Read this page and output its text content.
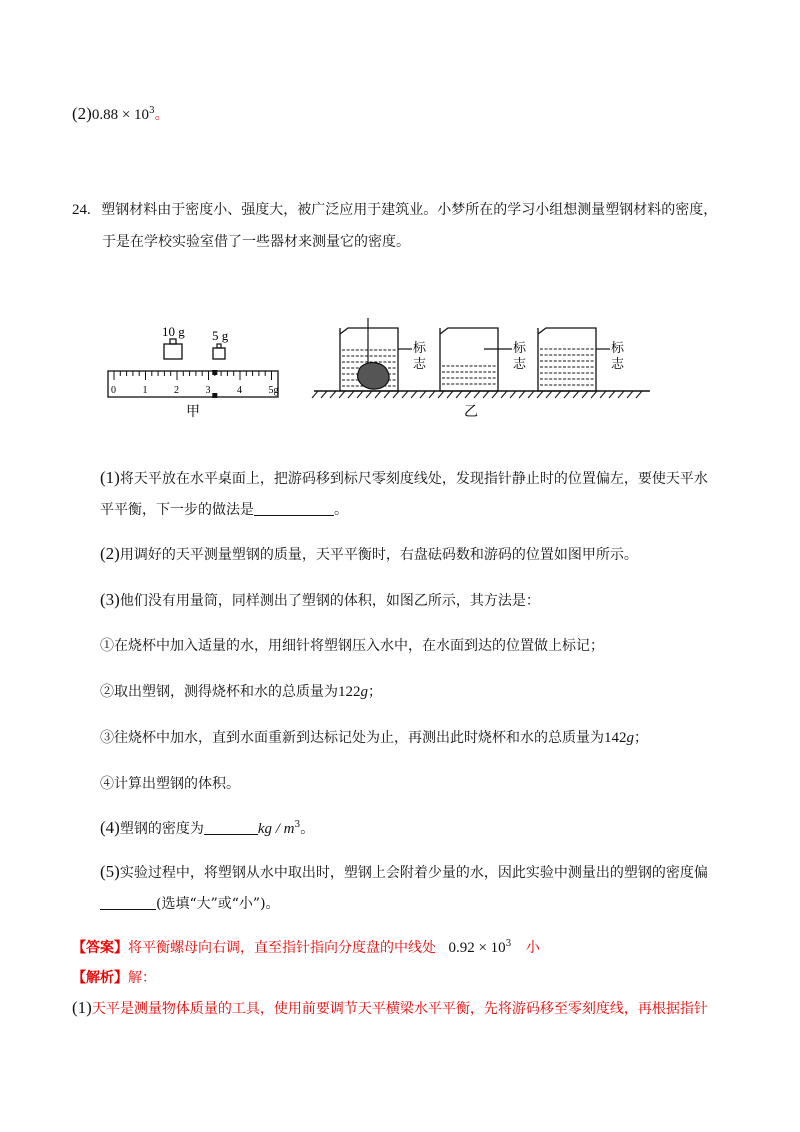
$(2)0.88 \times 10^3$。
24. 塑钢材料由于密度小、强度大，被广泛应用于建筑业。小梦所在的学习小组想测量塑钢材料的密度，
于是在学校实验室借了一些器材来测量它的密度。
10 g 5 g
0	1	2	3	4	5g
甲
标
志
标
志
标
志
乙
(1)将天平放在水平桌面上，把游码移到标尺零刻度线处，发现指针静止时的位置偏左，要使天平水
平平衡，下一步的做法是	。
(2)用调好的天平测量塑钢的质量，天平平衡时，右盘砝码数和游码的位置如图甲所示。
(3)他们没有用量筒，同样测出了塑钢的体积，如图乙所示，其方法是：
①在烧杯中加入适量的水，用细针将塑钢压入水中，在水面到达的位置做上标记；
②取出塑钢，测得烧杯和水的总质量为122g；
③往烧杯中加水，直到水面重新到达标记处为止，再测出此时烧杯和水的总质量为142g；
④计算出塑钢的体积。
(4)塑钢的密度为	kg / $m^3$。
(5)实验过程中，将塑钢从水中取出时，塑钢上会附着少量的水，因此实验中测量出的塑钢的密度偏
(选填“大”或“小”)。
【答案】将平衡螺母向右调，直至指针指向分度盘的中线处 $0.92 \times 10^3$ 小
【解析】解：
(1)天平是测量物体质量的工具，使用前要调节天平横梁水平平衡，先将游码移至零刻度线，再根据指针
